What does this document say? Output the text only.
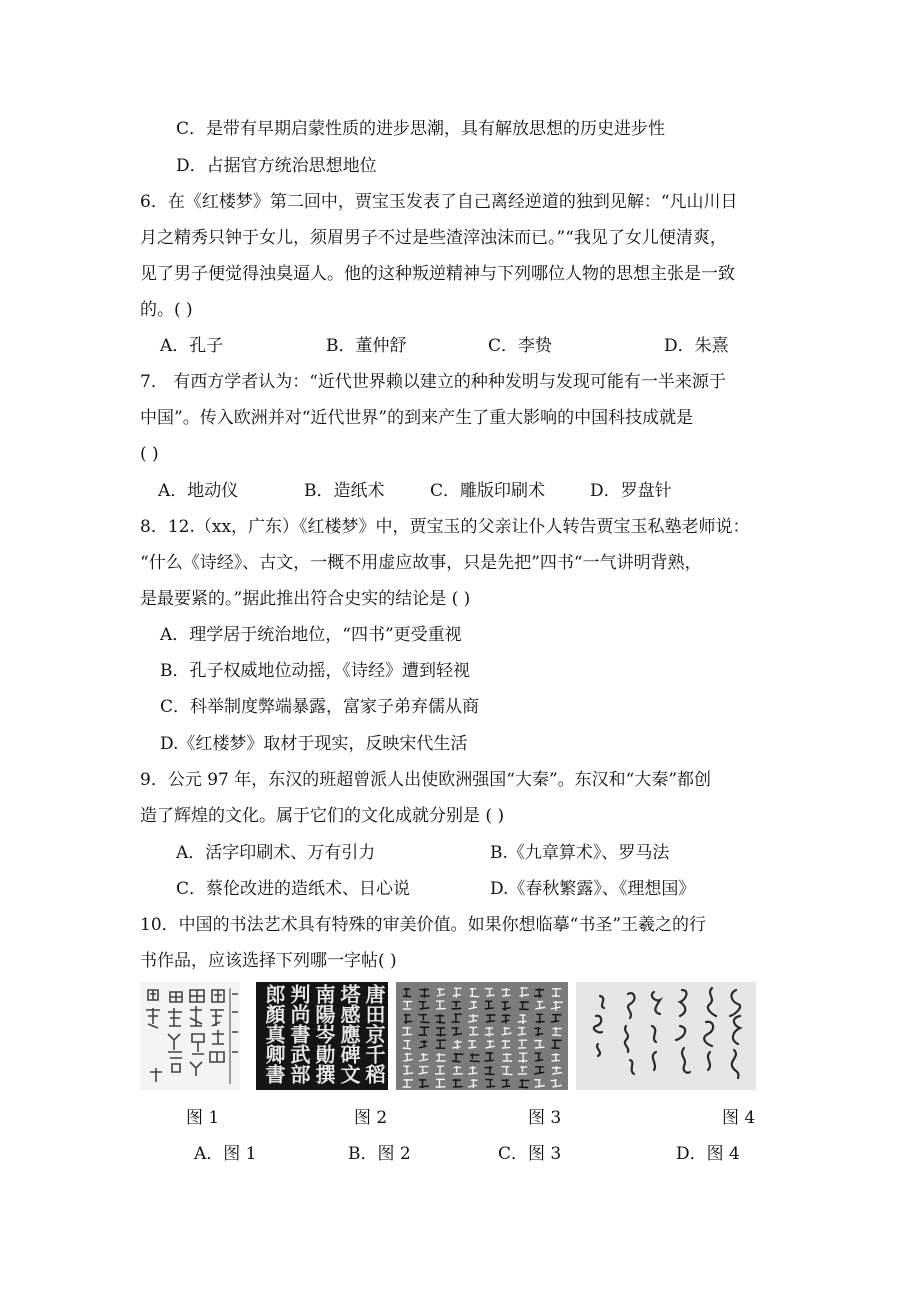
C．是带有早期启蒙性质的进步思潮，具有解放思想的历史进步性
D．占据官方统治思想地位
6．在《红楼梦》第二回中，贾宝玉发表了自己离经逆道的独到见解：“凡山川日
月之精秀只钟于女儿，须眉男子不过是些渣滓浊沫而已。”“我见了女儿便清爽，
见了男子便觉得浊臭逼人。他的这种叛逆精神与下列哪位人物的思想主张是一致
的。( )
A．孔子	B．董仲舒	C．李贽	D．朱熹
7． 有西方学者认为：“近代世界赖以建立的种种发明与发现可能有一半来源于
中国”。传入欧洲并对“近代世界”的到来产生了重大影响的中国科技成就是
( )
A．地动仪	B．造纸术	C．雕版印刷术	D．罗盘针
8．12.（xx，广东）《红楼梦》中，贾宝玉的父亲让仆人转告贾宝玉私塾老师说：
“什么《诗经》、古文，一概不用虚应故事，只是先把”四书“一气讲明背熟，
是最要紧的。”据此推出符合史实的结论是 ( )
A．理学居于统治地位，“四书”更受重视
B．孔子权威地位动摇，《诗经》遭到轻视
C．科举制度弊端暴露，富家子弟弃儒从商
D.《红楼梦》取材于现实，反映宋代生活
9．公元 97 年，东汉的班超曾派人出使欧洲强国“大秦”。东汉和“大秦”都创
造了辉煌的文化。属于它们的文化成就分别是 ( )
A．活字印刷术、万有引力	B.《九章算术》、罗马法
C．蔡伦改进的造纸术、日心说	D.《春秋繁露》、《理想国》
10．中国的书法艺术具有特殊的审美价值。如果你想临摹“书圣”王羲之的行
书作品，应该选择下列哪一字帖( )
唐田京千稻
塔感應碑文
南陽岑勛撰
判尚書武部
郎顏真卿書
图 1	图 2	图 3	图 4
A．图 1	B．图 2	C．图 3	D．图 4
